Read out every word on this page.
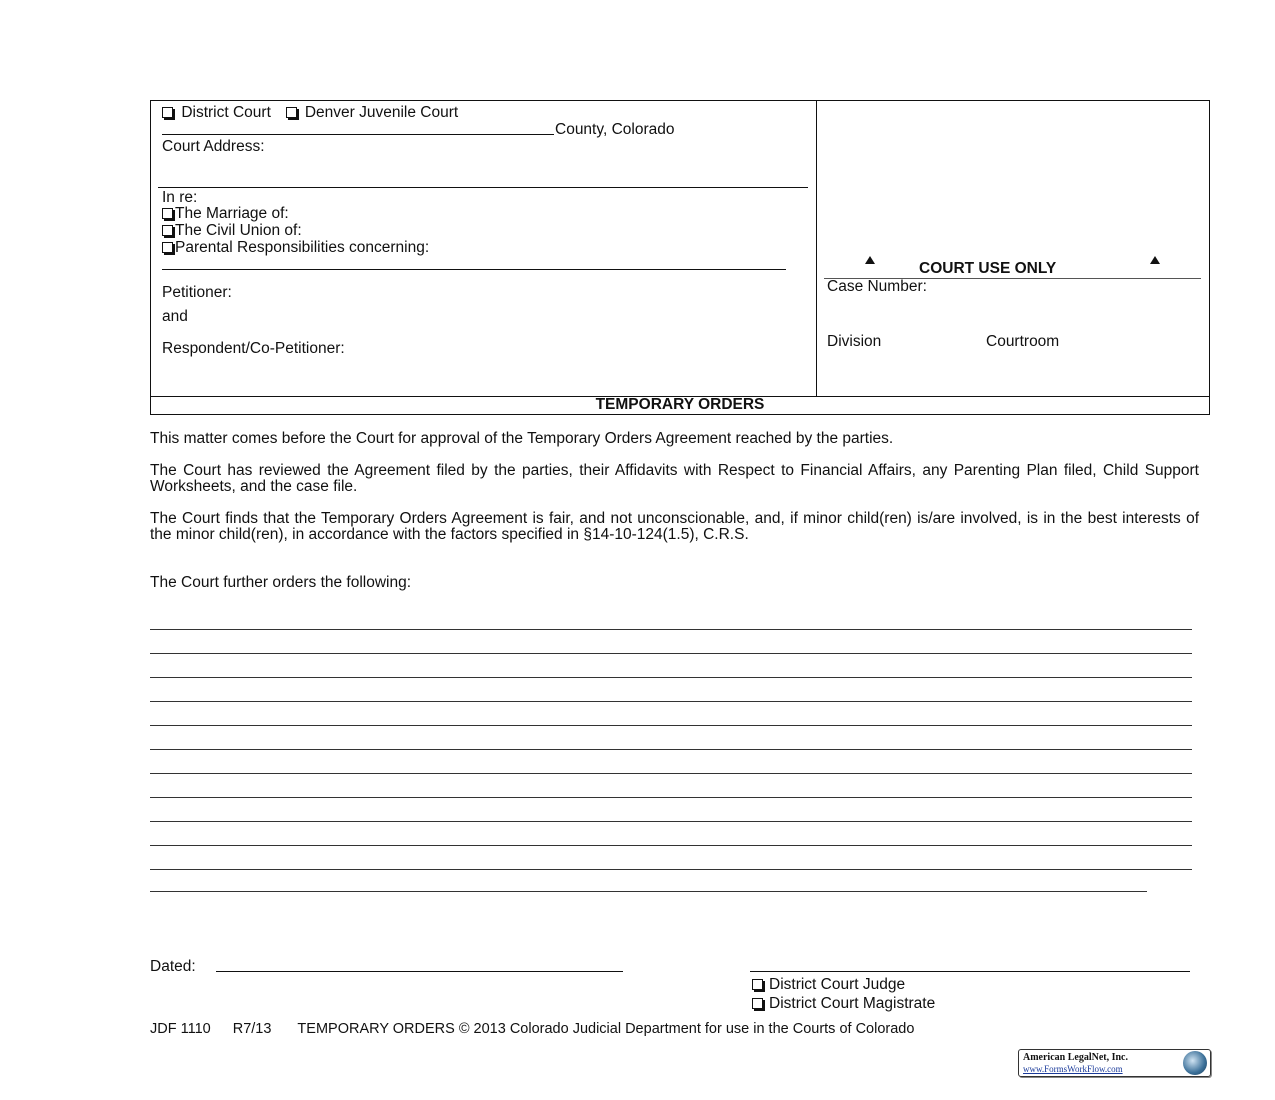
District Court Denver Juvenile Court
County, Colorado
Court Address:
In re:
The Marriage of:
The Civil Union of:
Parental Responsibilities concerning:
Petitioner:
and
Respondent/Co-Petitioner:
COURT USE ONLY
Case Number:
Division	Courtroom
TEMPORARY ORDERS
This matter comes before the Court for approval of the Temporary Orders Agreement reached by the parties.
The Court has reviewed the Agreement filed by the parties, their Affidavits with Respect to Financial Affairs, any Parenting Plan filed, Child Support Worksheets, and the case file.
The Court finds that the Temporary Orders Agreement is fair, and not unconscionable, and, if minor child(ren) is/are involved, is in the best interests of the minor child(ren), in accordance with the factors specified in §14-10-124(1.5), C.R.S.
The Court further orders the following:
Dated:
District Court Judge
District Court Magistrate
JDF 1110 R7/13 TEMPORARY ORDERS © 2013 Colorado Judicial Department for use in the Courts of Colorado
American LegalNet, Inc.
www.FormsWorkFlow.com
